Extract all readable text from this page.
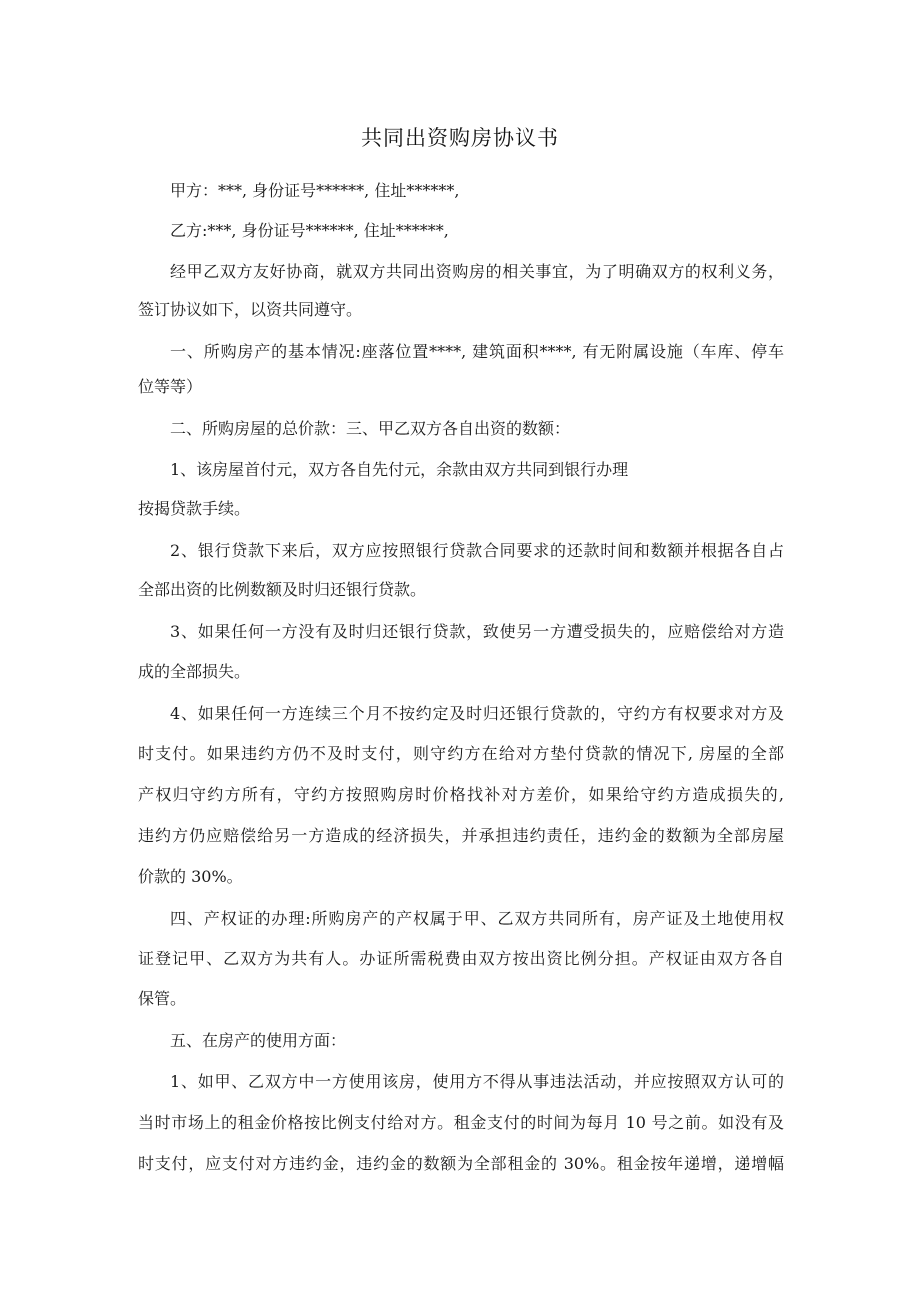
共同出资购房协议书
甲方：***, 身份证号******, 住址******,
乙方:***, 身份证号******, 住址******,
经甲乙双方友好协商，就双方共同出资购房的相关事宜，为了明确双方的权利义务，
签订协议如下，以资共同遵守。
一、所购房产的基本情况:座落位置****, 建筑面积****, 有无附属设施（车库、停车
位等等）
二、所购房屋的总价款：三、甲乙双方各自出资的数额：
1、该房屋首付元，双方各自先付元，余款由双方共同到银行办理
按揭贷款手续。
2、银行贷款下来后，双方应按照银行贷款合同要求的还款时间和数额并根据各自占
全部出资的比例数额及时归还银行贷款。
3、如果任何一方没有及时归还银行贷款，致使另一方遭受损失的，应赔偿给对方造
成的全部损失。
4、如果任何一方连续三个月不按约定及时归还银行贷款的，守约方有权要求对方及
时支付。如果违约方仍不及时支付，则守约方在给对方垫付贷款的情况下, 房屋的全部
产权归守约方所有，守约方按照购房时价格找补对方差价，如果给守约方造成损失的,
违约方仍应赔偿给另一方造成的经济损失，并承担违约责任，违约金的数额为全部房屋
价款的 30%。
四、产权证的办理:所购房产的产权属于甲、乙双方共同所有，房产证及土地使用权
证登记甲、乙双方为共有人。办证所需税费由双方按出资比例分担。产权证由双方各自
保管。
五、在房产的使用方面：
1、如甲、乙双方中一方使用该房，使用方不得从事违法活动，并应按照双方认可的
当时市场上的租金价格按比例支付给对方。租金支付的时间为每月 10 号之前。如没有及
时支付，应支付对方违约金，违约金的数额为全部租金的 30%。租金按年递增，递增幅
